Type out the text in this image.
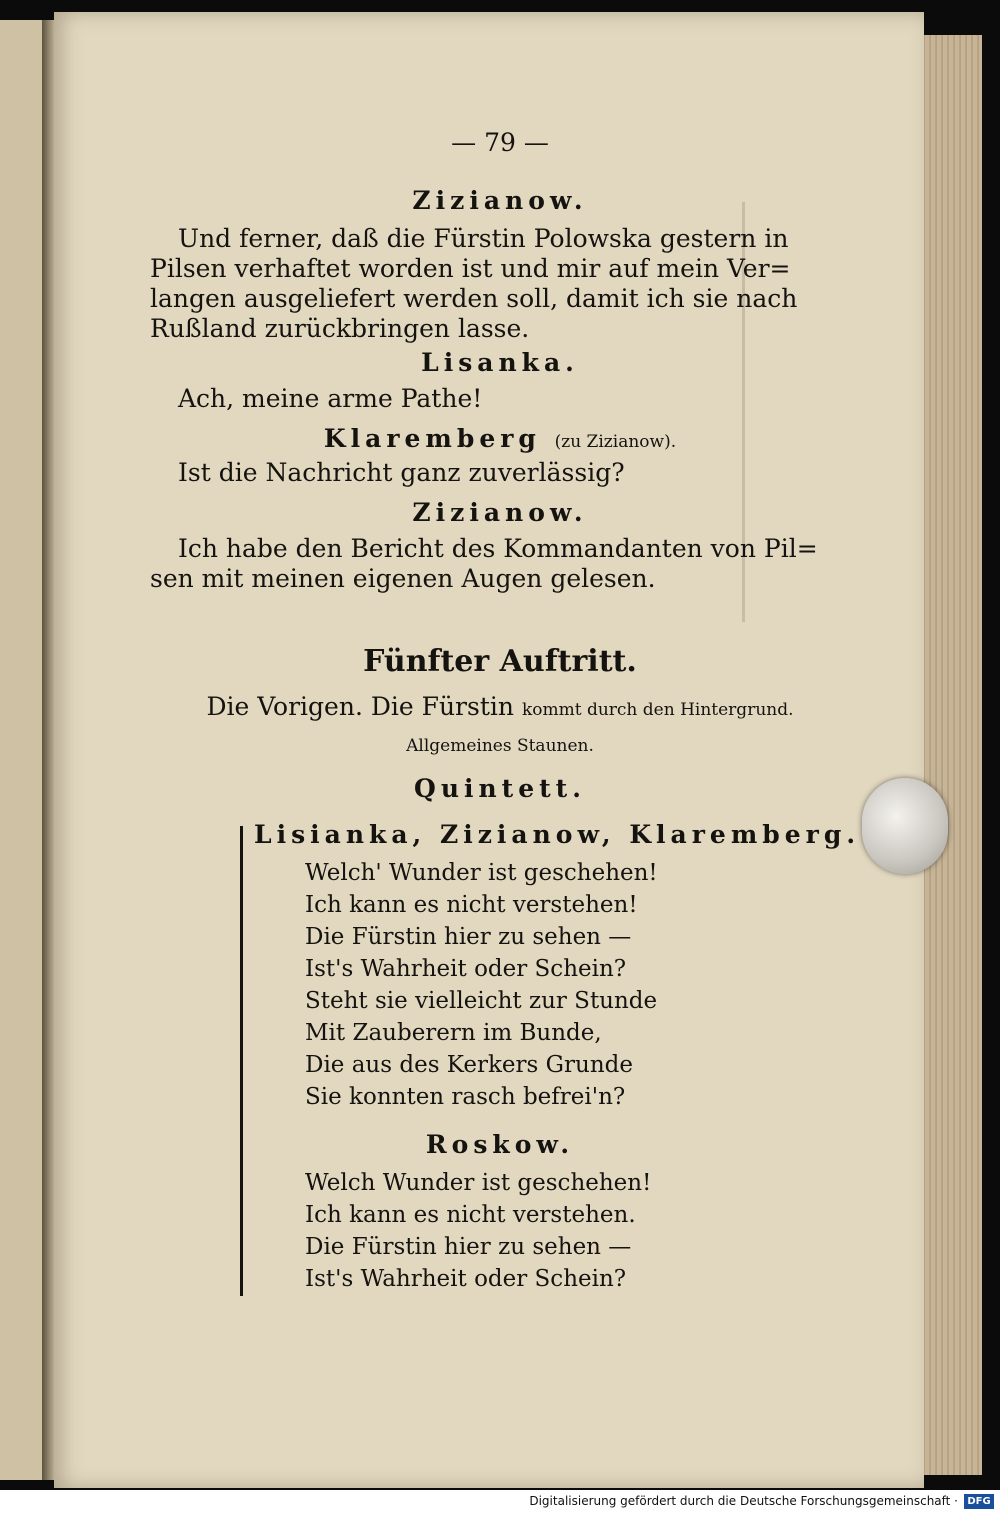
— 79 —
Zizianow.
Und ferner, daß die Fürstin Polowska gestern in
Pilsen verhaftet worden ist und mir auf mein Ver=
langen ausgeliefert werden soll, damit ich sie nach
Rußland zurückbringen lasse.
Lisanka.
Ach, meine arme Pathe!
Klaremberg (zu Zizianow).
Ist die Nachricht ganz zuverlässig?
Zizianow.
Ich habe den Bericht des Kommandanten von Pil=
sen mit meinen eigenen Augen gelesen.
Fünfter Auftritt.
Die Vorigen. Die Fürstin kommt durch den Hintergrund.
Allgemeines Staunen.
Quintett.
Lisianka, Zizianow, Klaremberg.
Welch' Wunder ist geschehen!
Ich kann es nicht verstehen!
Die Fürstin hier zu sehen —
Ist's Wahrheit oder Schein?
Steht sie vielleicht zur Stunde
Mit Zauberern im Bunde,
Die aus des Kerkers Grunde
Sie konnten rasch befrei'n?
Roskow.
Welch Wunder ist geschehen!
Ich kann es nicht verstehen.
Die Fürstin hier zu sehen —
Ist's Wahrheit oder Schein?
Digitalisierung gefördert durch die Deutsche Forschungsgemeinschaft · DFG
